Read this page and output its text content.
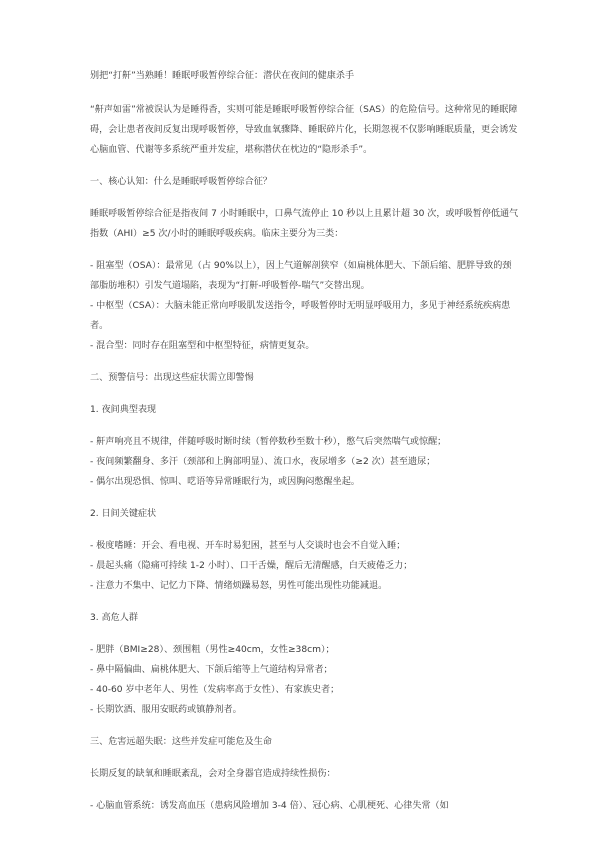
别把“打鼾”当熟睡！睡眠呼吸暂停综合征：潜伏在夜间的健康杀手

“鼾声如雷”常被误认为是睡得香，实则可能是睡眠呼吸暂停综合征（SAS）的危险信号。这种常见的睡眠障碍，会让患者夜间反复出现呼吸暂停，导致血氧骤降、睡眠碎片化，长期忽视不仅影响睡眠质量，更会诱发心脑血管、代谢等多系统严重并发症，堪称潜伏在枕边的“隐形杀手”。

一、核心认知：什么是睡眠呼吸暂停综合征？

睡眠呼吸暂停综合征是指夜间 7 小时睡眠中，口鼻气流停止 10 秒以上且累计超 30 次，或呼吸暂停低通气指数（AHI）≥5 次/小时的睡眠呼吸疾病。临床主要分为三类：

- 阻塞型（OSA）：最常见（占 90%以上），因上气道解剖狭窄（如扁桃体肥大、下颌后缩、肥胖导致的颈部脂肪堆积）引发气道塌陷，表现为“打鼾-呼吸暂停-喘气”交替出现。
- 中枢型（CSA）：大脑未能正常向呼吸肌发送指令，呼吸暂停时无明显呼吸用力，多见于神经系统疾病患者。
- 混合型：同时存在阻塞型和中枢型特征，病情更复杂。

二、预警信号：出现这些症状需立即警惕

1. 夜间典型表现

- 鼾声响亮且不规律，伴随呼吸时断时续（暂停数秒至数十秒），憋气后突然喘气或惊醒；
- 夜间频繁翻身、多汗（颈部和上胸部明显）、流口水，夜尿增多（≥2 次）甚至遗尿；
- 偶尔出现恐惧、惊叫、呓语等异常睡眠行为，或因胸闷憋醒坐起。

2. 日间关键症状

- 极度嗜睡：开会、看电视、开车时易犯困，甚至与人交谈时也会不自觉入睡；
- 晨起头痛（隐痛可持续 1-2 小时）、口干舌燥，醒后无清醒感，白天疲倦乏力；
- 注意力不集中、记忆力下降、情绪烦躁易怒，男性可能出现性功能减退。

3. 高危人群

- 肥胖（BMI≥28）、颈围粗（男性≥40cm，女性≥38cm）；
- 鼻中隔偏曲、扁桃体肥大、下颌后缩等上气道结构异常者；
- 40-60 岁中老年人、男性（发病率高于女性）、有家族史者；
- 长期饮酒、服用安眠药或镇静剂者。

三、危害远超失眠：这些并发症可能危及生命

长期反复的缺氧和睡眠紊乱，会对全身器官造成持续性损伤：

- 心脑血管系统：诱发高血压（患病风险增加 3-4 倍）、冠心病、心肌梗死、心律失常（如
